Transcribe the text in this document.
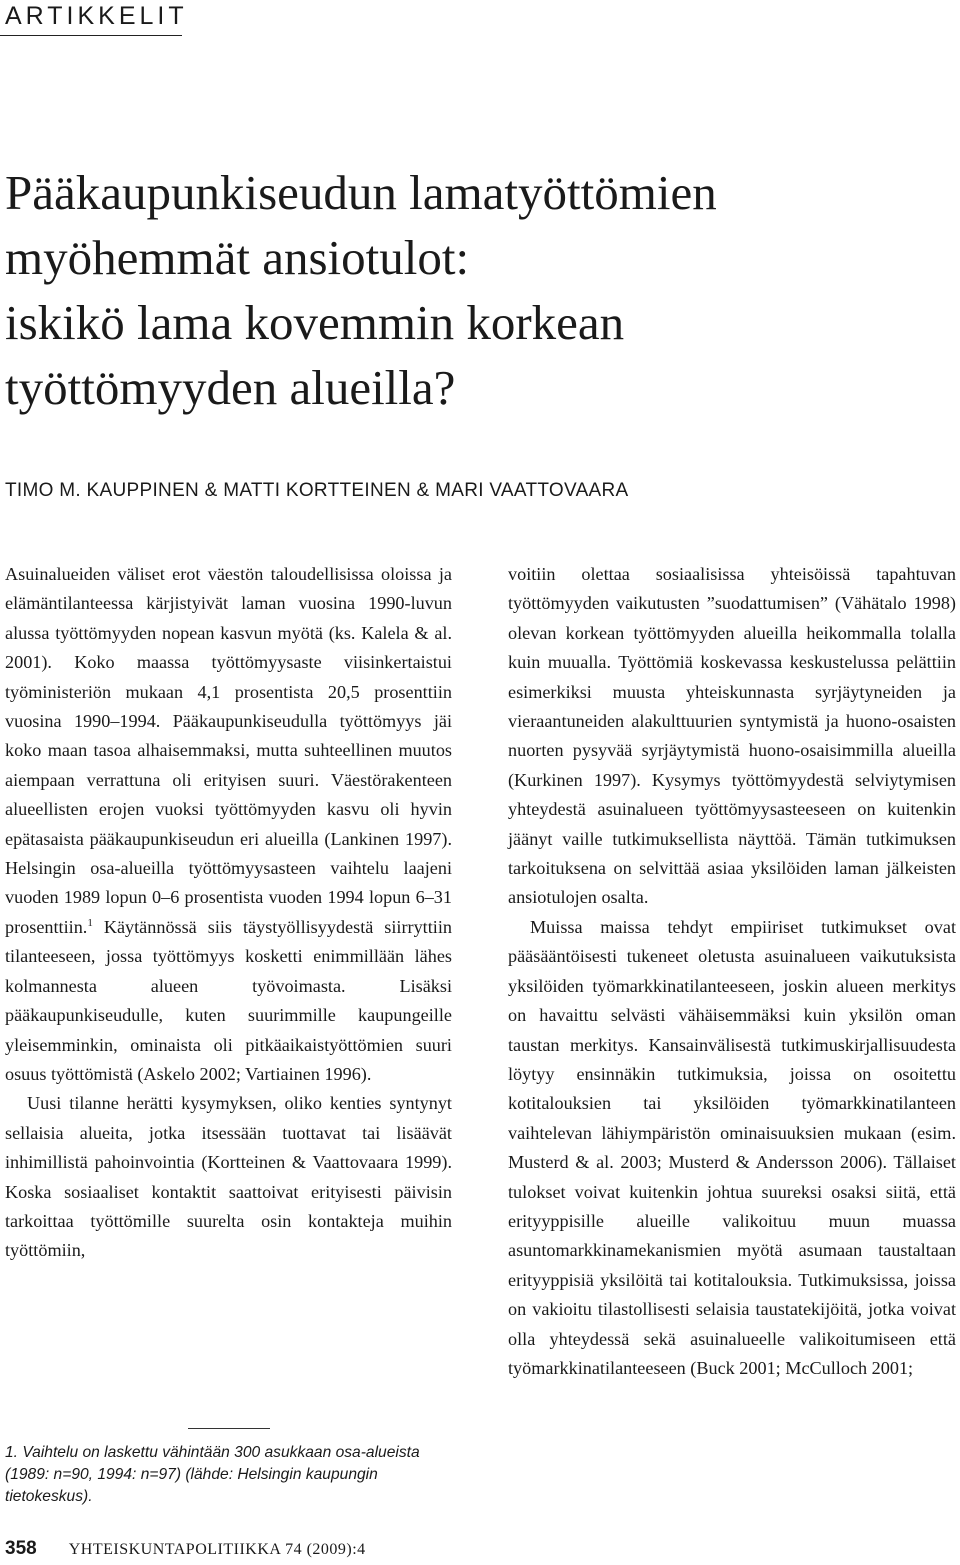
ARTIKKELIT
Pääkaupunkiseudun lamatyöttömien
myöhemmät ansiotulot:
iskikö lama kovemmin korkean
työttömyyden alueilla?
TIMO M. KAUPPINEN & MATTI KORTTEINEN & MARI VAATTOVAARA

Asuinalueiden väliset erot väestön taloudellisissa oloissa ja elämäntilanteessa kärjistyivät laman vuosina 1990-luvun alussa työttömyyden nopean kasvun myötä (ks. Kalela & al. 2001). Koko maassa työttömyysaste viisinkertaistui työministeriön mukaan 4,1 prosentista 20,5 prosenttiin vuosina 1990–1994. Pääkaupunkiseudulla työttömyys jäi koko maan tasoa alhaisemmaksi, mutta suhteellinen muutos aiempaan verrattuna oli erityisen suuri. Väestörakenteen alueellisten erojen vuoksi työttömyyden kasvu oli hyvin epätasaista pääkaupunkiseudun eri alueilla (Lankinen 1997). Helsingin osa-alueilla työttömyysasteen vaihtelu laajeni vuoden 1989 lopun 0–6 prosentista vuoden 1994 lopun 6–31 prosenttiin.$^1$ Käytännössä siis täystyöllisyydestä siirryttiin tilanteeseen, jossa työttömyys kosketti enimmillään lähes kolmannesta alueen työvoimasta. Lisäksi pääkaupunkiseudulle, kuten suurimmille kaupungeille yleisemminkin, ominaista oli pitkäaikaistyöttömien suuri osuus työttömistä (Askelo 2002; Vartiainen 1996).

Uusi tilanne herätti kysymyksen, oliko kenties syntynyt sellaisia alueita, jotka itsessään tuottavat tai lisäävät inhimillistä pahoinvointia (Kortteinen & Vaattovaara 1999). Koska sosiaaliset kontaktit saattoivat erityisesti päivisin tarkoittaa työttömille suurelta osin kontakteja muihin työttömiin,

voitiin olettaa sosiaalisissa yhteisöissä tapahtuvan työttömyyden vaikutusten ”suodattumisen” (Vähätalo 1998) olevan korkean työttömyyden alueilla heikommalla tolalla kuin muualla. Työttömiä koskevassa keskustelussa pelättiin esimerkiksi muusta yhteiskunnasta syrjäytyneiden ja vieraantuneiden alakulttuurien syntymistä ja huono-osaisten nuorten pysyvää syrjäytymistä huono-osaisimmilla alueilla (Kurkinen 1997). Kysymys työttömyydestä selviytymisen yhteydestä asuinalueen työttömyysasteeseen on kuitenkin jäänyt vaille tutkimuksellista näyttöä. Tämän tutkimuksen tarkoituksena on selvittää asiaa yksilöiden laman jälkeisten ansiotulojen osalta.

Muissa maissa tehdyt empiiriset tutkimukset ovat pääsääntöisesti tukeneet oletusta asuinalueen vaikutuksista yksilöiden työmarkkinatilanteeseen, joskin alueen merkitys on havaittu selvästi vähäisemmäksi kuin yksilön oman taustan merkitys. Kansainvälisestä tutkimuskirjallisuudesta löytyy ensinnäkin tutkimuksia, joissa on osoitettu kotitalouksien tai yksilöiden työmarkkinatilanteen vaihtelevan lähiympäristön ominaisuuksien mukaan (esim. Musterd & al. 2003; Musterd & Andersson 2006). Tällaiset tulokset voivat kuitenkin johtua suureksi osaksi siitä, että erityyppisille alueille valikoituu muun muassa asuntomarkkinamekanismien myötä asumaan taustaltaan erityyppisiä yksilöitä tai kotitalouksia. Tutkimuksissa, joissa on vakioitu tilastollisesti selaisia taustatekijöitä, jotka voivat olla yhteydessä sekä asuinalueelle valikoitumiseen että työmarkkinatilanteeseen (Buck 2001; McCulloch 2001;

1. Vaihtelu on laskettu vähintään 300 asukkaan osa-alueista (1989: n=90, 1994: n=97) (lähde: Helsingin kaupungin tietokeskus).

358 YHTEISKUNTAPOLITIIKKA 74 (2009):4
